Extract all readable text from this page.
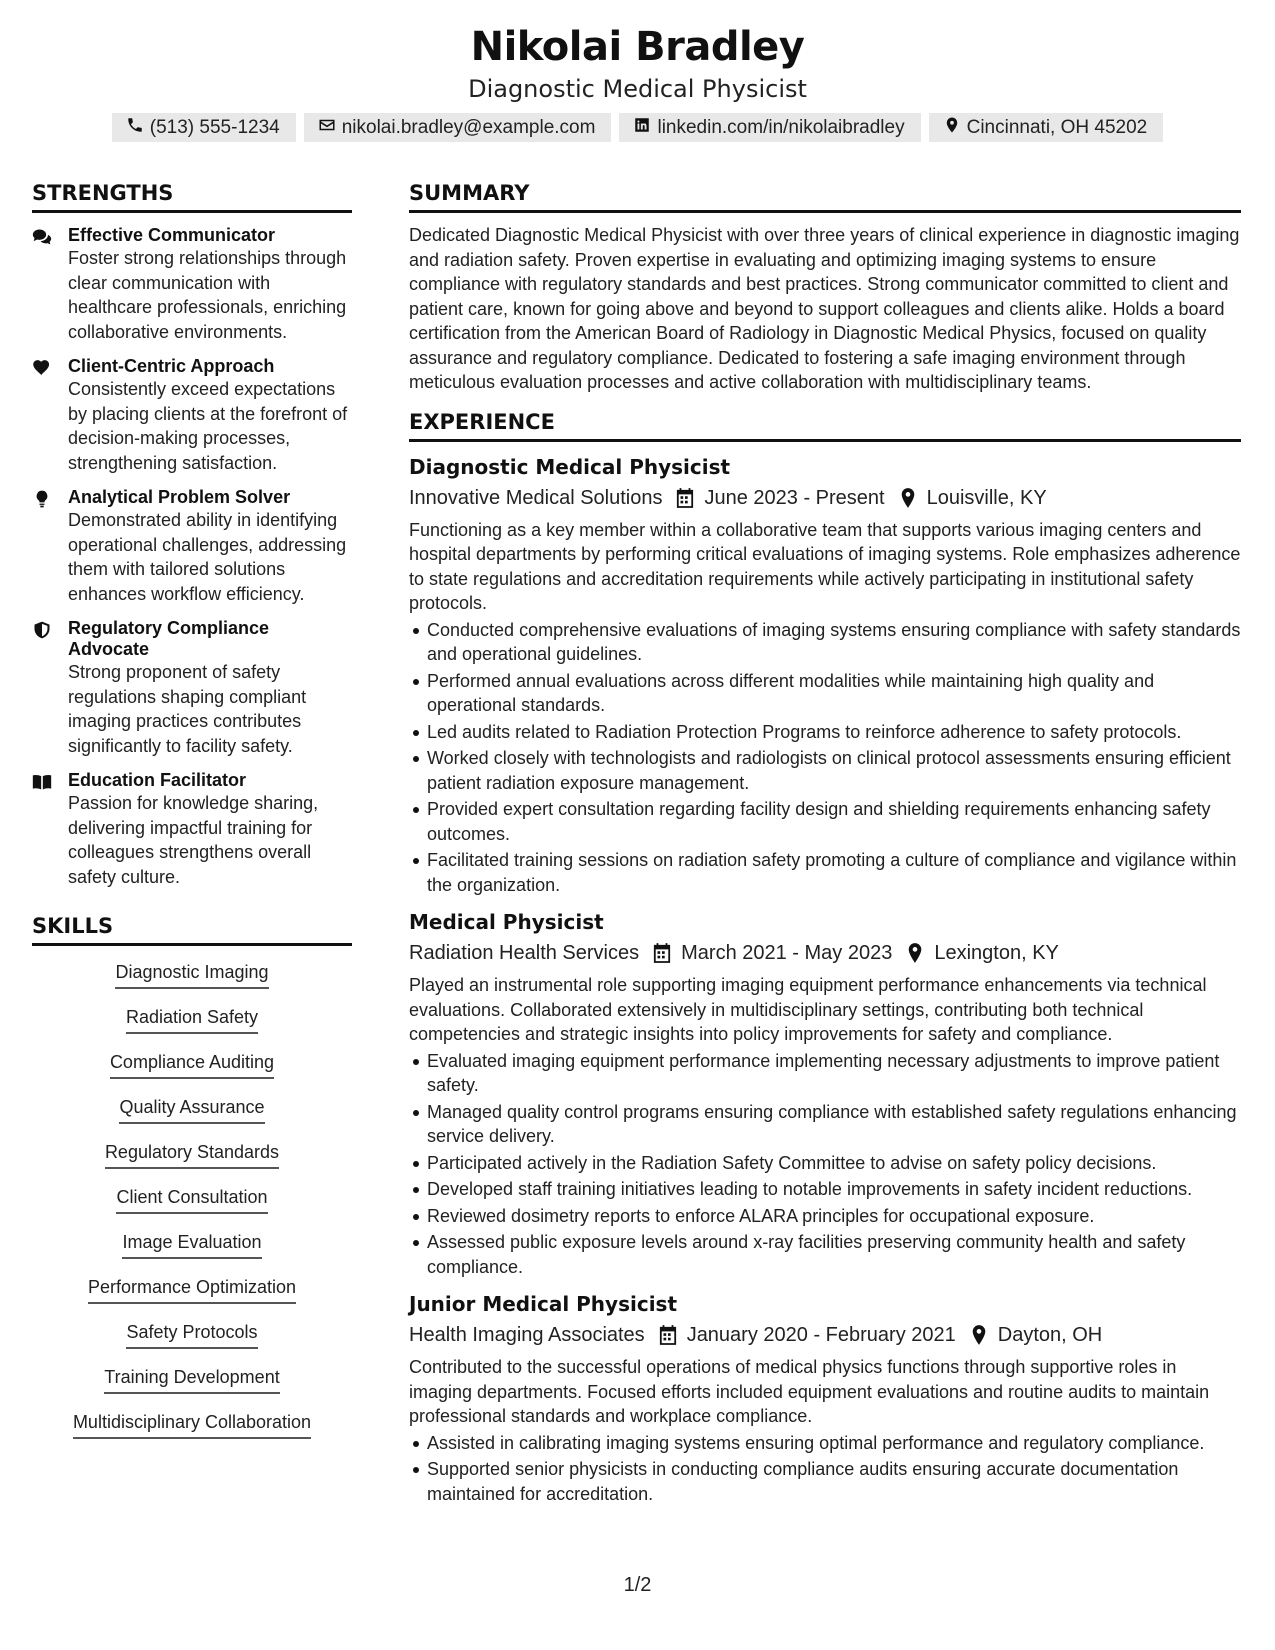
Nikolai Bradley
Diagnostic Medical Physicist
(513) 555-1234	nikolai.bradley@example.com	linkedin.com/in/nikolaibradley	Cincinnati, OH 45202
STRENGTHS
Effective Communicator
Foster strong relationships through clear communication with healthcare professionals, enriching collaborative environments.
Client-Centric Approach
Consistently exceed expectations by placing clients at the forefront of decision-making processes, strengthening satisfaction.
Analytical Problem Solver
Demonstrated ability in identifying operational challenges, addressing them with tailored solutions enhances workflow efficiency.
Regulatory Compliance Advocate
Strong proponent of safety regulations shaping compliant imaging practices contributes significantly to facility safety.
Education Facilitator
Passion for knowledge sharing, delivering impactful training for colleagues strengthens overall safety culture.
SKILLS
Diagnostic Imaging
Radiation Safety
Compliance Auditing
Quality Assurance
Regulatory Standards
Client Consultation
Image Evaluation
Performance Optimization
Safety Protocols
Training Development
Multidisciplinary Collaboration
SUMMARY
Dedicated Diagnostic Medical Physicist with over three years of clinical experience in diagnostic imaging and radiation safety. Proven expertise in evaluating and optimizing imaging systems to ensure compliance with regulatory standards and best practices. Strong communicator committed to client and patient care, known for going above and beyond to support colleagues and clients alike. Holds a board certification from the American Board of Radiology in Diagnostic Medical Physics, focused on quality assurance and regulatory compliance. Dedicated to fostering a safe imaging environment through meticulous evaluation processes and active collaboration with multidisciplinary teams.
EXPERIENCE
Diagnostic Medical Physicist
Innovative Medical Solutions June 2023 - Present Louisville, KY
Functioning as a key member within a collaborative team that supports various imaging centers and hospital departments by performing critical evaluations of imaging systems. Role emphasizes adherence to state regulations and accreditation requirements while actively participating in institutional safety protocols.
Conducted comprehensive evaluations of imaging systems ensuring compliance with safety standards and operational guidelines.
Performed annual evaluations across different modalities while maintaining high quality and operational standards.
Led audits related to Radiation Protection Programs to reinforce adherence to safety protocols.
Worked closely with technologists and radiologists on clinical protocol assessments ensuring efficient patient radiation exposure management.
Provided expert consultation regarding facility design and shielding requirements enhancing safety outcomes.
Facilitated training sessions on radiation safety promoting a culture of compliance and vigilance within the organization.
Medical Physicist
Radiation Health Services March 2021 - May 2023 Lexington, KY
Played an instrumental role supporting imaging equipment performance enhancements via technical evaluations. Collaborated extensively in multidisciplinary settings, contributing both technical competencies and strategic insights into policy improvements for safety and compliance.
Evaluated imaging equipment performance implementing necessary adjustments to improve patient safety.
Managed quality control programs ensuring compliance with established safety regulations enhancing service delivery.
Participated actively in the Radiation Safety Committee to advise on safety policy decisions.
Developed staff training initiatives leading to notable improvements in safety incident reductions.
Reviewed dosimetry reports to enforce ALARA principles for occupational exposure.
Assessed public exposure levels around x-ray facilities preserving community health and safety compliance.
Junior Medical Physicist
Health Imaging Associates January 2020 - February 2021 Dayton, OH
Contributed to the successful operations of medical physics functions through supportive roles in imaging departments. Focused efforts included equipment evaluations and routine audits to maintain professional standards and workplace compliance.
Assisted in calibrating imaging systems ensuring optimal performance and regulatory compliance.
Supported senior physicists in conducting compliance audits ensuring accurate documentation maintained for accreditation.
1/2
